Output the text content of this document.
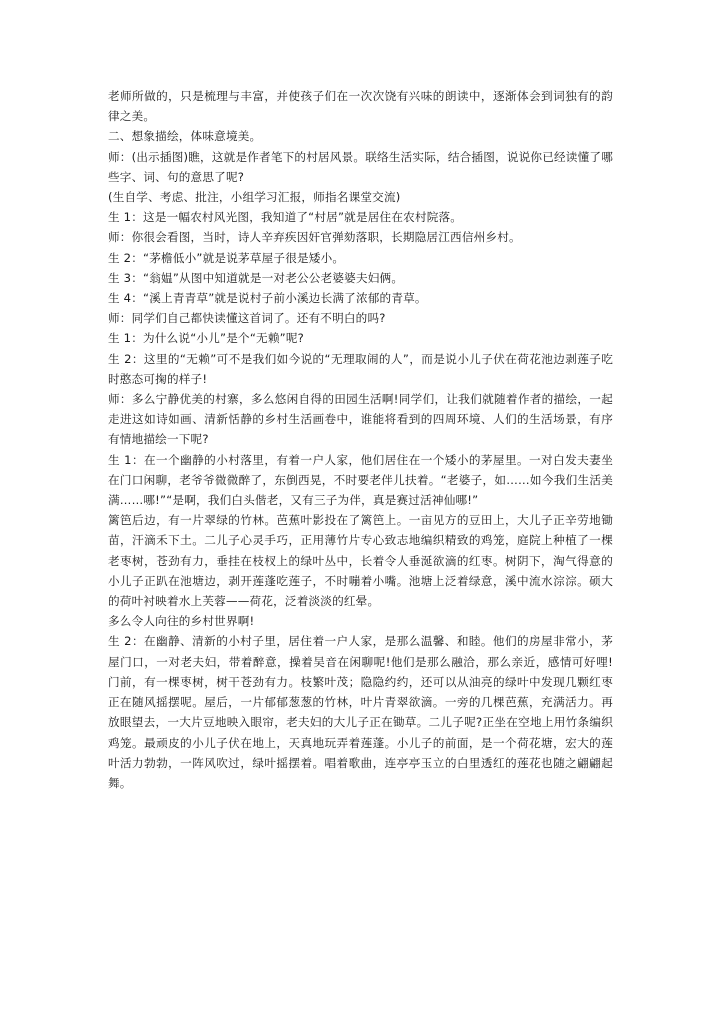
老师所做的，只是梳理与丰富，并使孩子们在一次次饶有兴味的朗读中，逐渐体会到词独有的韵律之美。

二、想象描绘，体味意境美。

师：(出示插图)瞧，这就是作者笔下的村居风景。联络生活实际，结合插图，说说你已经读懂了哪些字、词、句的意思了呢?

(生自学、考虑、批注，小组学习汇报，师指名课堂交流)

生 1：这是一幅农村风光图，我知道了“村居”就是居住在农村院落。

师：你很会看图，当时，诗人辛弃疾因奸官弹劾落职，长期隐居江西信州乡村。

生 2：“茅檐低小”就是说茅草屋子很是矮小。

生 3：“翁媪”从图中知道就是一对老公公老婆婆夫妇俩。

生 4：“溪上青青草”就是说村子前小溪边长满了浓郁的青草。

师：同学们自己都快读懂这首词了。还有不明白的吗?

生 1：为什么说“小儿”是个“无赖”呢?

生 2：这里的“无赖”可不是我们如今说的“无理取闹的人”，而是说小儿子伏在荷花池边剥莲子吃时憨态可掬的样子!

师：多么宁静优美的村寨，多么悠闲自得的田园生活啊!同学们，让我们就随着作者的描绘，一起走进这如诗如画、清新恬静的乡村生活画卷中，谁能将看到的四周环境、人们的生活场景，有序有情地描绘一下呢?

生 1：在一个幽静的小村落里，有着一户人家，他们居住在一个矮小的茅屋里。一对白发夫妻坐在门口闲聊，老爷爷微微醉了，东倒西晃，不时要老伴儿扶着。“老婆子，如……如今我们生活美满……哪!”“是啊，我们白头偕老，又有三子为伴，真是赛过活神仙哪!”

篱笆后边，有一片翠绿的竹林。芭蕉叶影投在了篱笆上。一亩见方的豆田上，大儿子正辛劳地锄苗，汗滴禾下土。二儿子心灵手巧，正用薄竹片专心致志地编织精致的鸡笼，庭院上种植了一棵老枣树，苍劲有力，垂挂在枝杈上的绿叶丛中，长着令人垂涎欲滴的红枣。树阴下，淘气得意的小儿子正趴在池塘边，剥开莲蓬吃莲子，不时嘣着小嘴。池塘上泛着绿意，溪中流水淙淙。硕大的荷叶衬映着水上芙蓉——荷花，泛着淡淡的红晕。

多么令人向往的乡村世界啊!

生 2：在幽静、清新的小村子里，居住着一户人家，是那么温馨、和睦。他们的房屋非常小，茅屋门口，一对老夫妇，带着醉意，操着吴音在闲聊呢!他们是那么融洽，那么亲近，感情可好哩!门前，有一棵枣树，树干苍劲有力。枝繁叶茂；隐隐约约，还可以从油亮的绿叶中发现几颗红枣正在随风摇摆呢。屋后，一片郁郁葱葱的竹林，叶片青翠欲滴。一旁的几棵芭蕉，充满活力。再放眼望去，一大片豆地映入眼帘，老夫妇的大儿子正在锄草。二儿子呢?正坐在空地上用竹条编织鸡笼。最顽皮的小儿子伏在地上，天真地玩弄着莲蓬。小儿子的前面，是一个荷花塘，宏大的莲叶活力勃勃，一阵风吹过，绿叶摇摆着。唱着歌曲，连亭亭玉立的白里透红的莲花也随之翩翩起舞。
